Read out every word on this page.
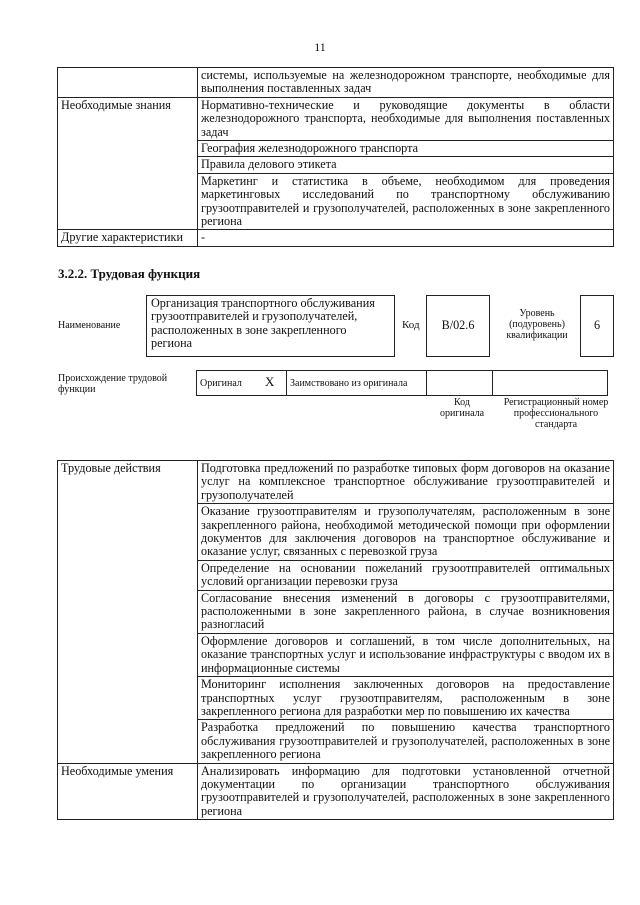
11
	системы, используемые на железнодорожном транспорте, необходимые для выполнения поставленных задач
Необходимые знания	Нормативно-технические и руководящие документы в области железнодорожного транспорта, необходимые для выполнения поставленных задач
	География железнодорожного транспорта
	Правила делового этикета
	Маркетинг и статистика в объеме, необходимом для проведения маркетинговых исследований по транспортному обслуживанию грузоотправителей и грузополучателей, расположенных в зоне закрепленного региона
Другие характеристики	-
3.2.2. Трудовая функция
Наименование
Организация транспортного обслуживания грузоотправителей и грузополучателей, расположенных в зоне закрепленного региона
Код	В/02.6
Уровень (подуровень) квалификации
6
Происхождение трудовой функции
Оригинал X	Заимствовано из оригинала		
Код оригинала
Регистрационный номер профессионального стандарта
Трудовые действия	Подготовка предложений по разработке типовых форм договоров на оказание услуг на комплексное транспортное обслуживание грузоотправителей и грузополучателей
	Оказание грузоотправителям и грузополучателям, расположенным в зоне закрепленного района, необходимой методической помощи при оформлении документов для заключения договоров на транспортное обслуживание и оказание услуг, связанных с перевозкой груза
	Определение на основании пожеланий грузоотправителей оптимальных условий организации перевозки груза
	Согласование внесения изменений в договоры с грузоотправителями, расположенными в зоне закрепленного района, в случае возникновения разногласий
	Оформление договоров и соглашений, в том числе дополнительных, на оказание транспортных услуг и использование инфраструктуры с вводом их в информационные системы
	Мониторинг исполнения заключенных договоров на предоставление транспортных услуг грузоотправителям, расположенным в зоне закрепленного региона для разработки мер по повышению их качества
	Разработка предложений по повышению качества транспортного обслуживания грузоотправителей и грузополучателей, расположенных в зоне закрепленного региона
Необходимые умения	Анализировать информацию для подготовки установленной отчетной документации по организации транспортного обслуживания грузоотправителей и грузополучателей, расположенных в зоне закрепленного региона
